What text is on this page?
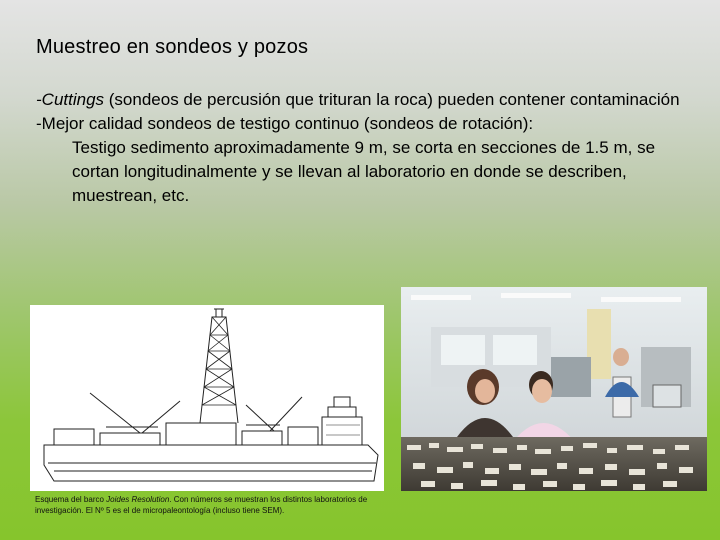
Muestreo en sondeos y pozos
-Cuttings (sondeos de percusión que trituran la roca) pueden contener contaminación
-Mejor calidad sondeos de testigo continuo (sondeos de rotación):
Testigo sedimento aproximadamente 9 m, se corta en secciones de 1.5 m, se cortan longitudinalmente y se llevan al laboratorio en donde se describen, muestrean, etc.
Esquema del barco Joides Resolution. Con números se muestran los distintos laboratorios de investigación. El Nº 5 es el de micropaleontología (incluso tiene SEM).
